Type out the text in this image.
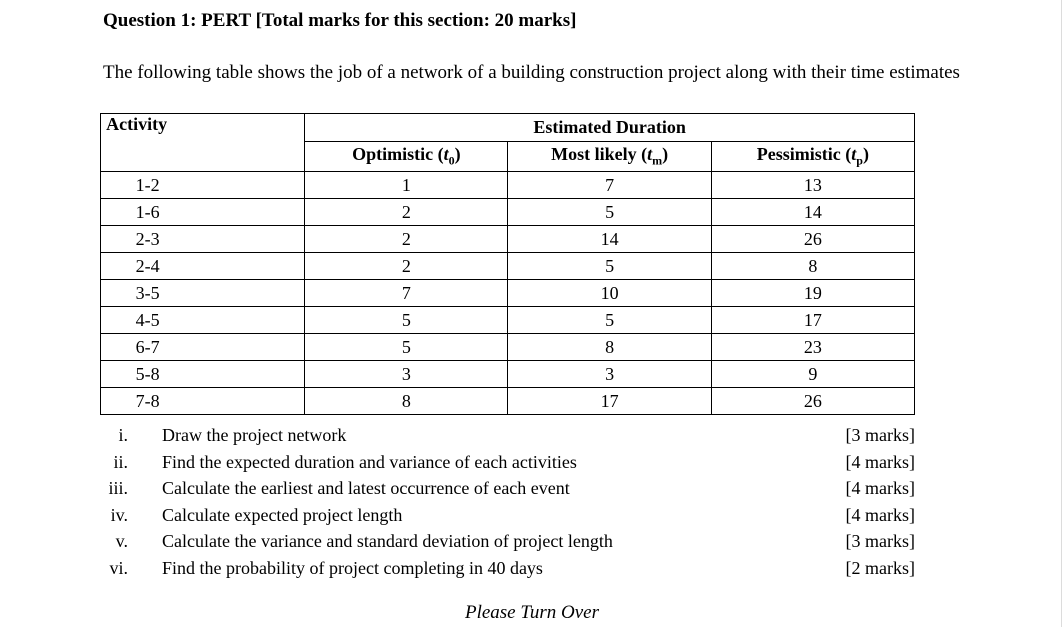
Question 1: PERT [Total marks for this section: 20 marks]
The following table shows the job of a network of a building construction project along with their time estimates
Activity	Estimated Duration		
	Optimistic $(t_0)$	Most likely $(t_m)$	Pessimistic $(t_p)$
1-2	1	7	13
1-6	2	5	14
2-3	2	14	26
2-4	2	5	8
3-5	7	10	19
4-5	5	5	17
6-7	5	8	23
5-8	3	3	9
7-8	8	17	26
i. Draw the project network	[3 marks]
ii. Find the expected duration and variance of each activities	[4 marks]
iii. Calculate the earliest and latest occurrence of each event	[4 marks]
iv. Calculate expected project length	[4 marks]
v. Calculate the variance and standard deviation of project length	[3 marks]
vi. Find the probability of project completing in 40 days	[2 marks]
Please Turn Over
